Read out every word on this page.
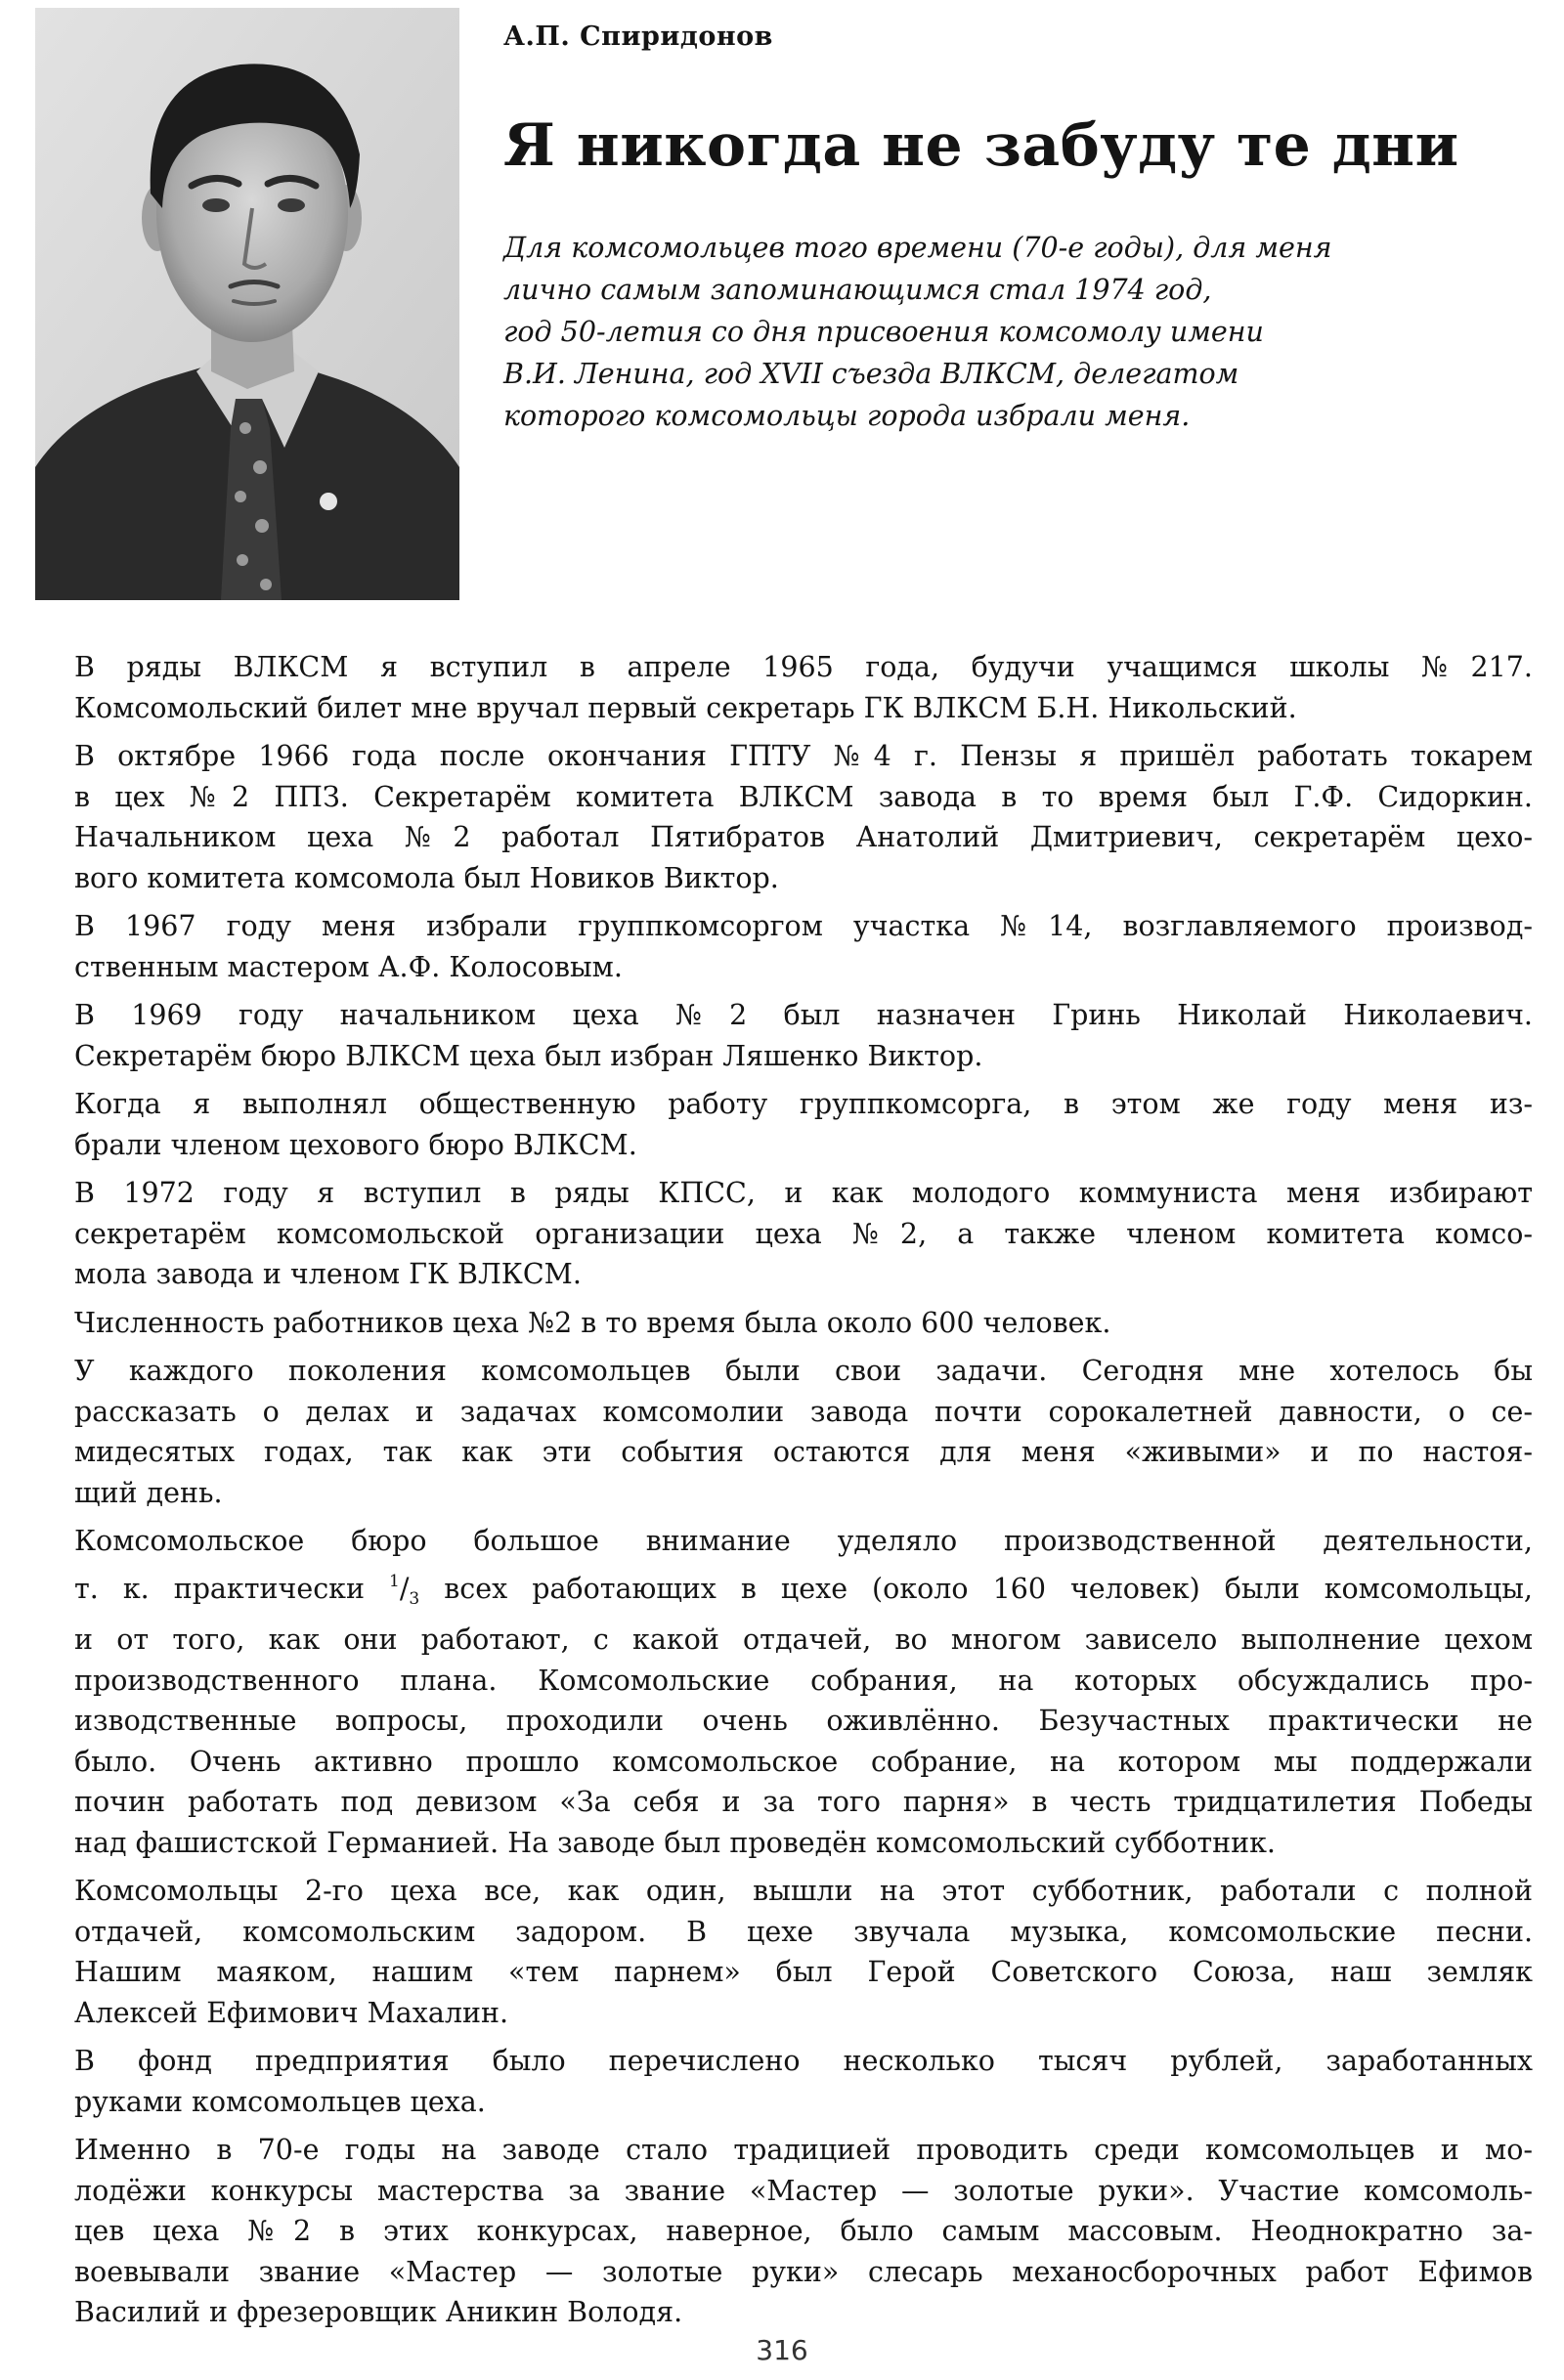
А.П. Спиридонов
Я никогда не забуду те дни
Для комсомольцев того времени (70-е годы), для меня
лично самым запоминающимся стал 1974 год,
год 50-летия со дня присвоения комсомолу имени
В.И. Ленина, год XVII съезда ВЛКСМ, делегатом
которого комсомольцы города избрали меня.
В ряды ВЛКСМ я вступил в апреле 1965 года, будучи учащимся школы №217.
Комсомольский билет мне вручал первый секретарь ГК ВЛКСМ Б.Н. Никольский.
В октябре 1966 года после окончания ГПТУ №4 г. Пензы я пришёл работать токарем
в цех №2 ППЗ. Секретарём комитета ВЛКСМ завода в то время был Г.Ф. Сидоркин.
Начальником цеха №2 работал Пятибратов Анатолий Дмитриевич, секретарём цехо-
вого комитета комсомола был Новиков Виктор.
В 1967 году меня избрали группкомсоргом участка №14, возглавляемого производ-
ственным мастером А.Ф. Колосовым.
В 1969 году начальником цеха №2 был назначен Гринь Николай Николаевич.
Секретарём бюро ВЛКСМ цеха был избран Ляшенко Виктор.
Когда я выполнял общественную работу группкомсорга, в этом же году меня из-
брали членом цехового бюро ВЛКСМ.
В 1972 году я вступил в ряды КПСС, и как молодого коммуниста меня избирают
секретарём комсомольской организации цеха №2, а также членом комитета комсо-
мола завода и членом ГК ВЛКСМ.
Численность работников цеха №2 в то время была около 600 человек.
У каждого поколения комсомольцев были свои задачи. Сегодня мне хотелось бы
рассказать о делах и задачах комсомолии завода почти сорокалетней давности, о се-
мидесятых годах, так как эти события остаются для меня «живыми» и по настоя-
щий день.
Комсомольское бюро большое внимание уделяло производственной деятельности,
т. к. практически $^1/_3$ всех работающих в цехе (около 160 человек) были комсомольцы,
и от того, как они работают, с какой отдачей, во многом зависело выполнение цехом
производственного плана. Комсомольские собрания, на которых обсуждались про-
изводственные вопросы, проходили очень оживлённо. Безучастных практически не
было. Очень активно прошло комсомольское собрание, на котором мы поддержали
почин работать под девизом «За себя и за того парня» в честь тридцатилетия Победы
над фашистской Германией. На заводе был проведён комсомольский субботник.
Комсомольцы 2-го цеха все, как один, вышли на этот субботник, работали с полной
отдачей, комсомольским задором. В цехе звучала музыка, комсомольские песни.
Нашим маяком, нашим «тем парнем» был Герой Советского Союза, наш земляк
Алексей Ефимович Махалин.
В фонд предприятия было перечислено несколько тысяч рублей, заработанных
руками комсомольцев цеха.
Именно в 70-е годы на заводе стало традицией проводить среди комсомольцев и мо-
лодёжи конкурсы мастерства за звание «Мастер — золотые руки». Участие комсомоль-
цев цеха №2 в этих конкурсах, наверное, было самым массовым. Неоднократно за-
воевывали звание «Мастер — золотые руки» слесарь механосборочных работ Ефимов
Василий и фрезеровщик Аникин Володя.
316
